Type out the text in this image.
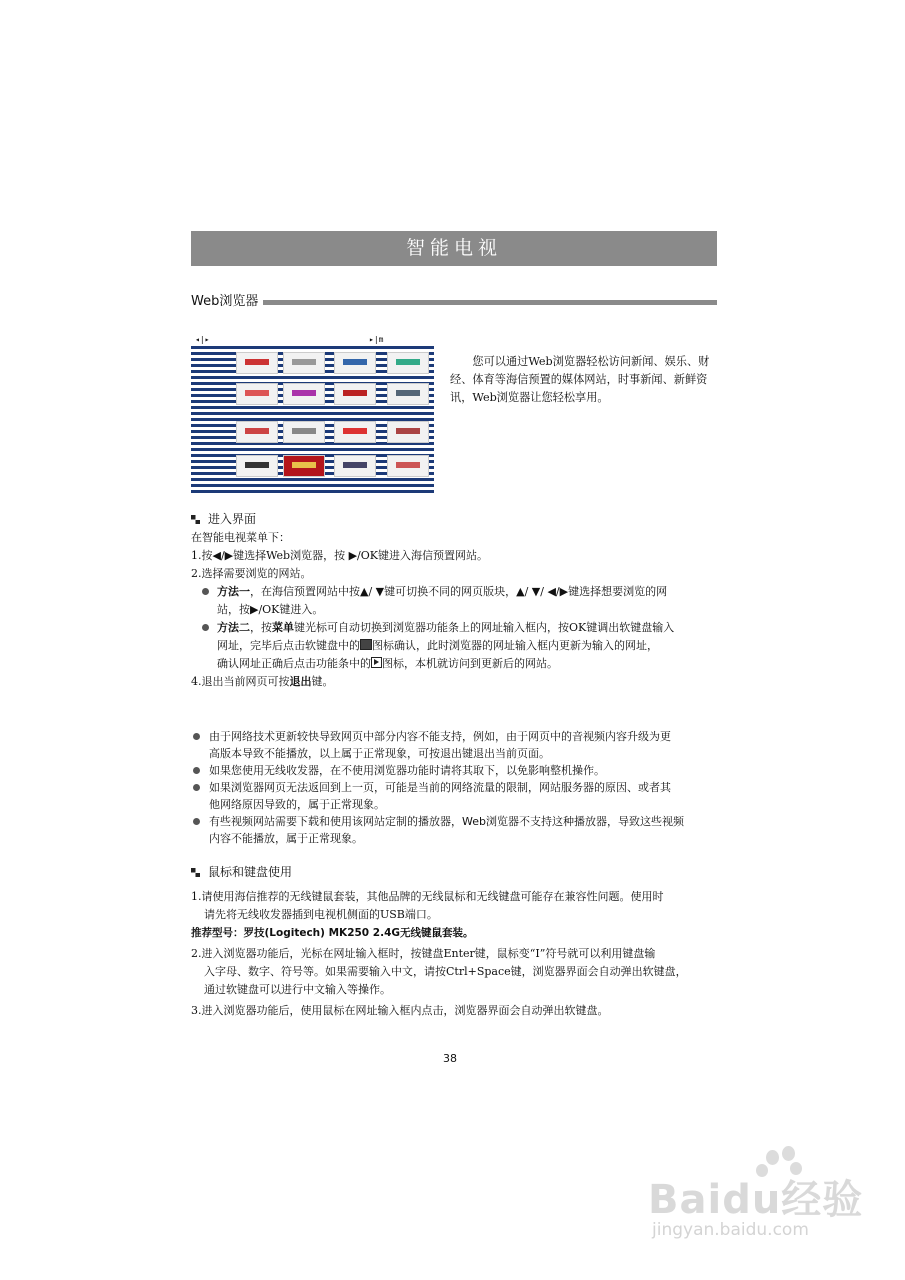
智能电视
Web浏览器
◂|▸	▸|m
您可以通过Web浏览器轻松访问新闻、娱乐、财经、体育等海信预置的媒体网站，时事新闻、新鲜资讯，Web浏览器让您轻松享用。
进入界面
在智能电视菜单下：
1.按◀/▶键选择Web浏览器，按 ▶/OK键进入海信预置网站。
2.选择需要浏览的网站。
方法一，在海信预置网站中按▲/ ▼键可切换不同的网页版块，▲/ ▼/ ◀/▶键选择想要浏览的网
站，按▶/OK键进入。
方法二，按菜单键光标可自动切换到浏览器功能条上的网址输入框内，按OK键调出软键盘输入
网址，完毕后点击软键盘中的 图标确认，此时浏览器的网址输入框内更新为输入的网址，
确认网址正确后点击功能条中的 图标，本机就访问到更新后的网站。
4.退出当前网页可按退出键。
由于网络技术更新较快导致网页中部分内容不能支持，例如，由于网页中的音视频内容升级为更
高版本导致不能播放，以上属于正常现象，可按退出键退出当前页面。
如果您使用无线收发器，在不使用浏览器功能时请将其取下，以免影响整机操作。
如果浏览器网页无法返回到上一页，可能是当前的网络流量的限制，网站服务器的原因、或者其
他网络原因导致的，属于正常现象。
有些视频网站需要下载和使用该网站定制的播放器，Web浏览器不支持这种播放器，导致这些视频
内容不能播放，属于正常现象。
鼠标和键盘使用
1.请使用海信推荐的无线键鼠套装，其他品牌的无线鼠标和无线键盘可能存在兼容性问题。使用时
请先将无线收发器插到电视机侧面的USB端口。
推荐型号：罗技(Logitech) MK250 2.4G无线键鼠套装。
2.进入浏览器功能后，光标在网址输入框时，按键盘Enter键，鼠标变“I”符号就可以利用键盘输
入字母、数字、符号等。如果需要输入中文，请按Ctrl+Space键，浏览器界面会自动弹出软键盘，
通过软键盘可以进行中文输入等操作。
3.进入浏览器功能后，使用鼠标在网址输入框内点击，浏览器界面会自动弹出软键盘。
38
Baidu经验
jingyan.baidu.com
